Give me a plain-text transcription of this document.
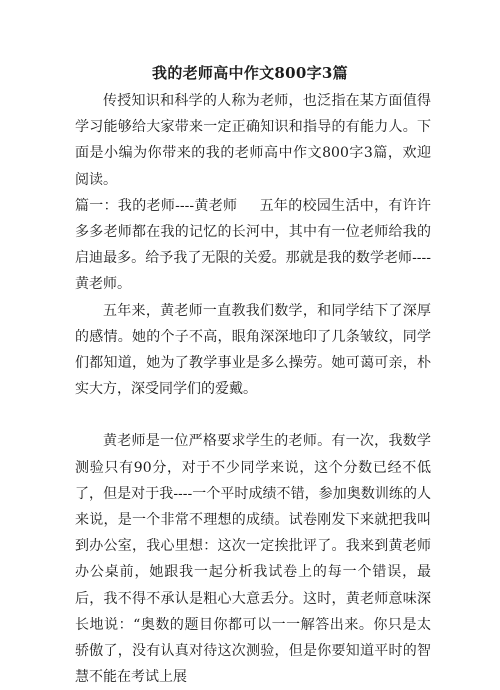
我的老师高中作文800字3篇

传授知识和科学的人称为老师，也泛指在某方面值得学习能够给大家带来一定正确知识和指导的有能力人。下面是小编为你带来的我的老师高中作文800字3篇，欢迎阅读。

篇一：我的老师----黄老师 五年的校园生活中，有许许多多老师都在我的记忆的长河中，其中有一位老师给我的启迪最多。给予我了无限的关爱。那就是我的数学老师----黄老师。

五年来，黄老师一直教我们数学，和同学结下了深厚的感情。她的个子不高，眼角深深地印了几条皱纹，同学们都知道，她为了教学事业是多么操劳。她可蔼可亲，朴实大方，深受同学们的爱戴。

黄老师是一位严格要求学生的老师。有一次，我数学测验只有90分，对于不少同学来说，这个分数已经不低了，但是对于我----一个平时成绩不错，参加奥数训练的人来说，是一个非常不理想的成绩。试卷刚发下来就把我叫到办公室，我心里想：这次一定挨批评了。我来到黄老师办公桌前，她跟我一起分析我试卷上的每一个错误，最后，我不得不承认是粗心大意丢分。这时，黄老师意味深长地说：“奥数的题目你都可以一一解答出来。你只是太骄傲了，没有认真对待这次测验，但是你要知道平时的智慧不能在考试上展
